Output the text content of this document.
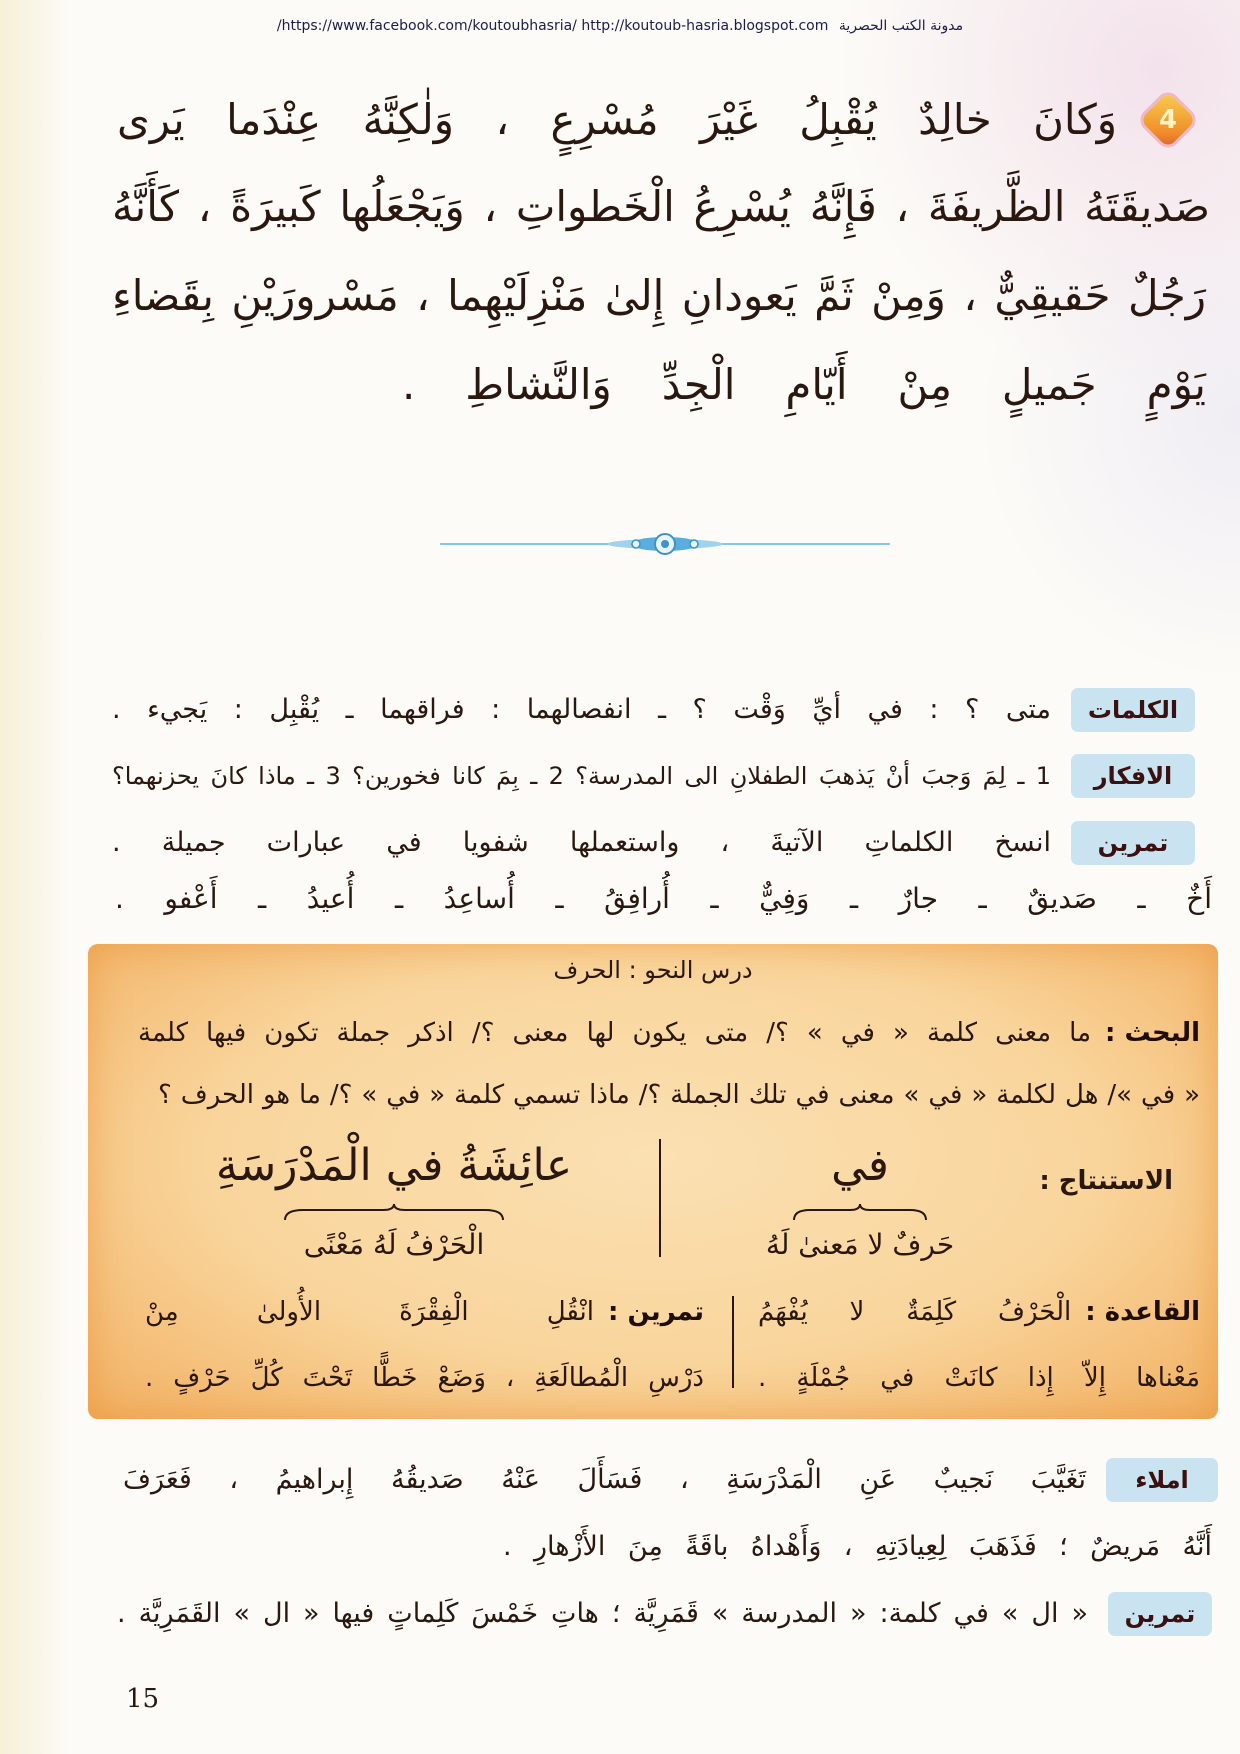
/https://www.facebook.com/koutoubhasria/ http://koutoub-hasria.blogspot.com مدونة الكتب الحصرية
4
وَكانَ خالِدٌ يُقْبِلُ غَيْرَ مُسْرِعٍ ، وَلٰكِنَّهُ عِنْدَما يَرى
صَديقَتَهُ الظَّريفَةَ ، فَإِنَّهُ يُسْرِعُ الْخَطواتِ ، وَيَجْعَلُها كَبيرَةً ، كَأَنَّهُ
رَجُلٌ حَقيقِيٌّ ، وَمِنْ ثَمَّ يَعودانِ إِلىٰ مَنْزِلَيْهِما ، مَسْرورَيْنِ بِقَضاءِ
يَوْمٍ جَميلٍ مِنْ أَيّامِ الْجِدِّ وَالنَّشاطِ .
الكلمات
متى ؟ : في أيِّ وَقْت ؟ ـ انفصالهما : فراقهما ـ يُقْبِل : يَجيء .
الافكار
1 ـ لِمَ وَجبَ أنْ يَذهبَ الطفلانِ الى المدرسة؟ 2 ـ بِمَ كانا فخورين؟ 3 ـ ماذا كانَ يحزنهما؟
تمرين
انسخ الكلماتِ الآتيةَ ، واستعملها شفويا في عبارات جميلة .
أَخٌ ـ صَديقٌ ـ جارٌ ـ وَفِيٌّ ـ أُرافِقُ ـ أُساعِدُ ـ أُعيدُ ـ أَعْفو .
درس النحو : الحرف
البحث :
ما معنى كلمة « في » ؟/ متى يكون لها معنى ؟/ اذكر جملة تكون فيها كلمة
« في »/ هل لكلمة « في » معنى في تلك الجملة ؟/ ماذا تسمي كلمة « في » ؟/ ما هو الحرف ؟
الاستنتاج :
في
حَرفٌ لا مَعنىٰ لَهُ
عائِشَةُ في الْمَدْرَسَةِ
الْحَرْفُ لَهُ مَعْنًى
القاعدة :
الْحَرْفُ كَلِمَةٌ لا يُفْهَمُ
مَعْناها إِلاّ إِذا كانَتْ في جُمْلَةٍ .
تمرين :
انْقُلِ الْفِقْرَةَ الأُولىٰ مِنْ
دَرْسِ الْمُطالَعَةِ ، وَضَعْ خَطًّا تَحْتَ كُلِّ حَرْفٍ .
املاء
تَغَيَّبَ نَجيبٌ عَنِ الْمَدْرَسَةِ ، فَسَأَلَ عَنْهُ صَديقُهُ إِبراهيمُ ، فَعَرَفَ
أَنَّهُ مَريضٌ ؛ فَذَهَبَ لِعِيادَتِهِ ، وَأَهْداهُ باقَةً مِنَ الأَزْهارِ .
تمرين
« ال » في كلمة: « المدرسة » قَمَرِيَّة ؛ هاتِ خَمْسَ كَلِماتٍ فيها « ال » القَمَرِيَّة .
15
